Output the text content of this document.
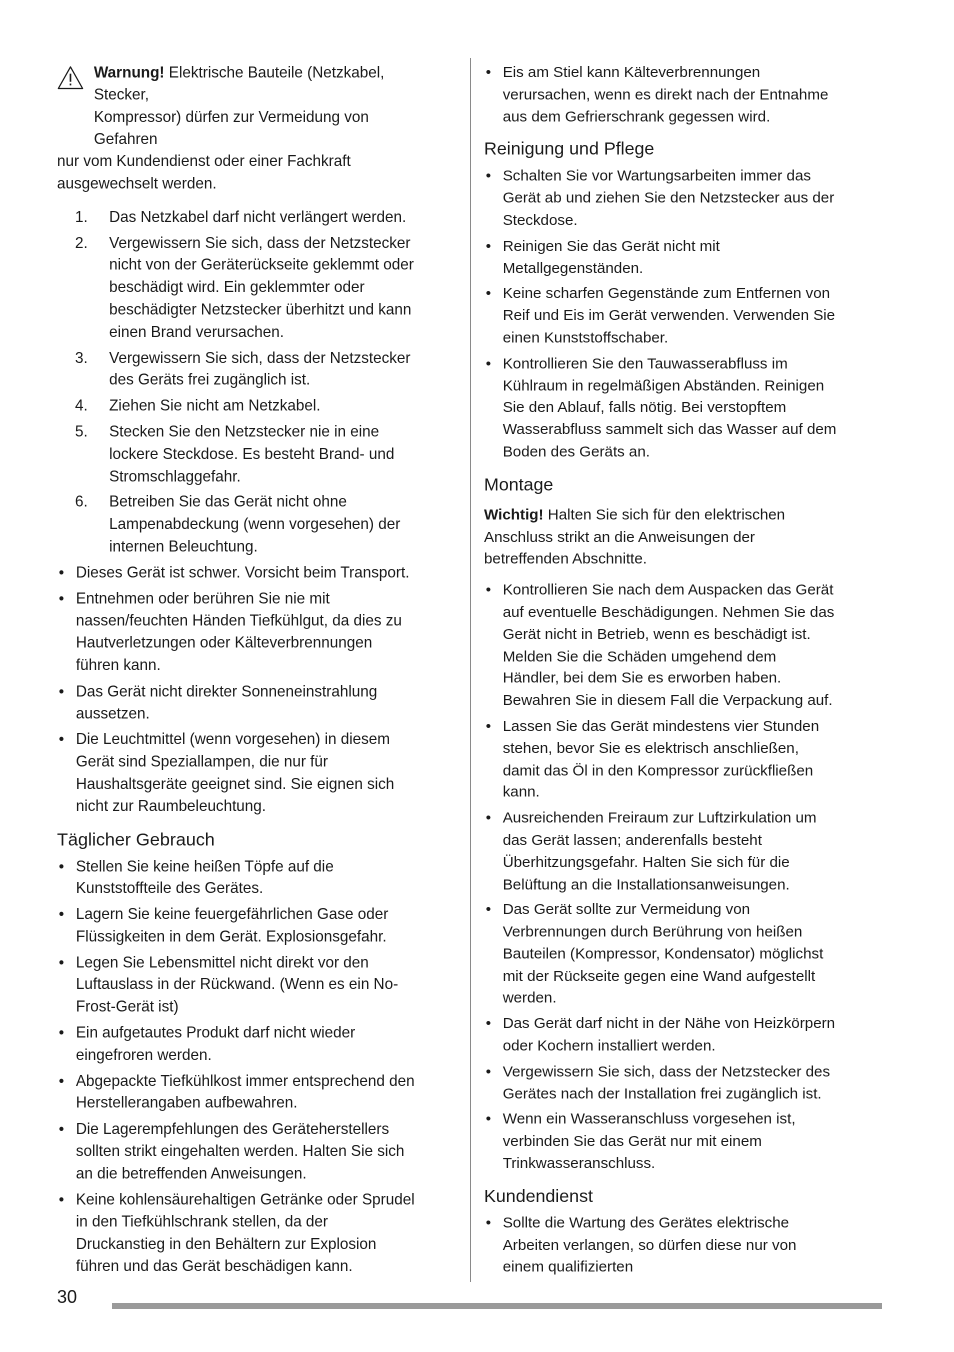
Warnung! Elektrische Bauteile (Netzkabel, Stecker,

Kompressor) dürfen zur Vermeidung von Gefahren

nur vom Kundendienst oder einer Fachkraft ausgewechselt werden.

1. Das Netzkabel darf nicht verlängert werden.
2. Vergewissern Sie sich, dass der Netzstecker nicht von der Geräterückseite geklemmt oder beschädigt wird. Ein geklemmter oder beschädigter Netzstecker überhitzt und kann einen Brand verursachen.
3. Vergewissern Sie sich, dass der Netzstecker des Geräts frei zugänglich ist.
4. Ziehen Sie nicht am Netzkabel.
5. Stecken Sie den Netzstecker nie in eine lockere Steckdose. Es besteht Brand- und Stromschlaggefahr.
6. Betreiben Sie das Gerät nicht ohne Lampenabdeckung (wenn vorgesehen) der internen Beleuchtung.
• Dieses Gerät ist schwer. Vorsicht beim Transport.
• Entnehmen oder berühren Sie nie mit nassen/feuchten Händen Tiefkühlgut, da dies zu Hautverletzungen oder Kälteverbrennungen führen kann.
• Das Gerät nicht direkter Sonneneinstrahlung aussetzen.
• Die Leuchtmittel (wenn vorgesehen) in diesem Gerät sind Speziallampen, die nur für Haushaltsgeräte geeignet sind. Sie eignen sich nicht zur Raumbeleuchtung.
Täglicher Gebrauch
• Stellen Sie keine heißen Töpfe auf die Kunststoffteile des Gerätes.
• Lagern Sie keine feuergefährlichen Gase oder Flüssigkeiten in dem Gerät. Explosionsgefahr.
• Legen Sie Lebensmittel nicht direkt vor den Luftauslass in der Rückwand. (Wenn es ein No-Frost-Gerät ist)
• Ein aufgetautes Produkt darf nicht wieder eingefroren werden.
• Abgepackte Tiefkühlkost immer entsprechend den Herstellerangaben aufbewahren.
• Die Lagerempfehlungen des Geräteherstellers sollten strikt eingehalten werden. Halten Sie sich an die betreffenden Anweisungen.
• Keine kohlensäurehaltigen Getränke oder Sprudel in den Tiefkühlschrank stellen, da der Druckanstieg in den Behältern zur Explosion führen und das Gerät beschädigen kann.
• Eis am Stiel kann Kälteverbrennungen verursachen, wenn es direkt nach der Entnahme aus dem Gefrierschrank gegessen wird.
Reinigung und Pflege
• Schalten Sie vor Wartungsarbeiten immer das Gerät ab und ziehen Sie den Netzstecker aus der Steckdose.
• Reinigen Sie das Gerät nicht mit Metallgegenständen.
• Keine scharfen Gegenstände zum Entfernen von Reif und Eis im Gerät verwenden. Verwenden Sie einen Kunststoffschaber.
• Kontrollieren Sie den Tauwasserabfluss im Kühlraum in regelmäßigen Abständen. Reinigen Sie den Ablauf, falls nötig. Bei verstopftem Wasserabfluss sammelt sich das Wasser auf dem Boden des Geräts an.
Montage

Wichtig! Halten Sie sich für den elektrischen Anschluss strikt an die Anweisungen der betreffenden Abschnitte.

• Kontrollieren Sie nach dem Auspacken das Gerät auf eventuelle Beschädigungen. Nehmen Sie das Gerät nicht in Betrieb, wenn es beschädigt ist. Melden Sie die Schäden umgehend dem Händler, bei dem Sie es erworben haben. Bewahren Sie in diesem Fall die Verpackung auf.
• Lassen Sie das Gerät mindestens vier Stunden stehen, bevor Sie es elektrisch anschließen, damit das Öl in den Kompressor zurückfließen kann.
• Ausreichenden Freiraum zur Luftzirkulation um das Gerät lassen; anderenfalls besteht Überhitzungsgefahr. Halten Sie sich für die Belüftung an die Installationsanweisungen.
• Das Gerät sollte zur Vermeidung von Verbrennungen durch Berührung von heißen Bauteilen (Kompressor, Kondensator) möglichst mit der Rückseite gegen eine Wand aufgestellt werden.
• Das Gerät darf nicht in der Nähe von Heizkörpern oder Kochern installiert werden.
• Vergewissern Sie sich, dass der Netzstecker des Gerätes nach der Installation frei zugänglich ist.
• Wenn ein Wasseranschluss vorgesehen ist, verbinden Sie das Gerät nur mit einem Trinkwasseranschluss.
Kundendienst
• Sollte die Wartung des Gerätes elektrische Arbeiten verlangen, so dürfen diese nur von einem qualifizierten
30
